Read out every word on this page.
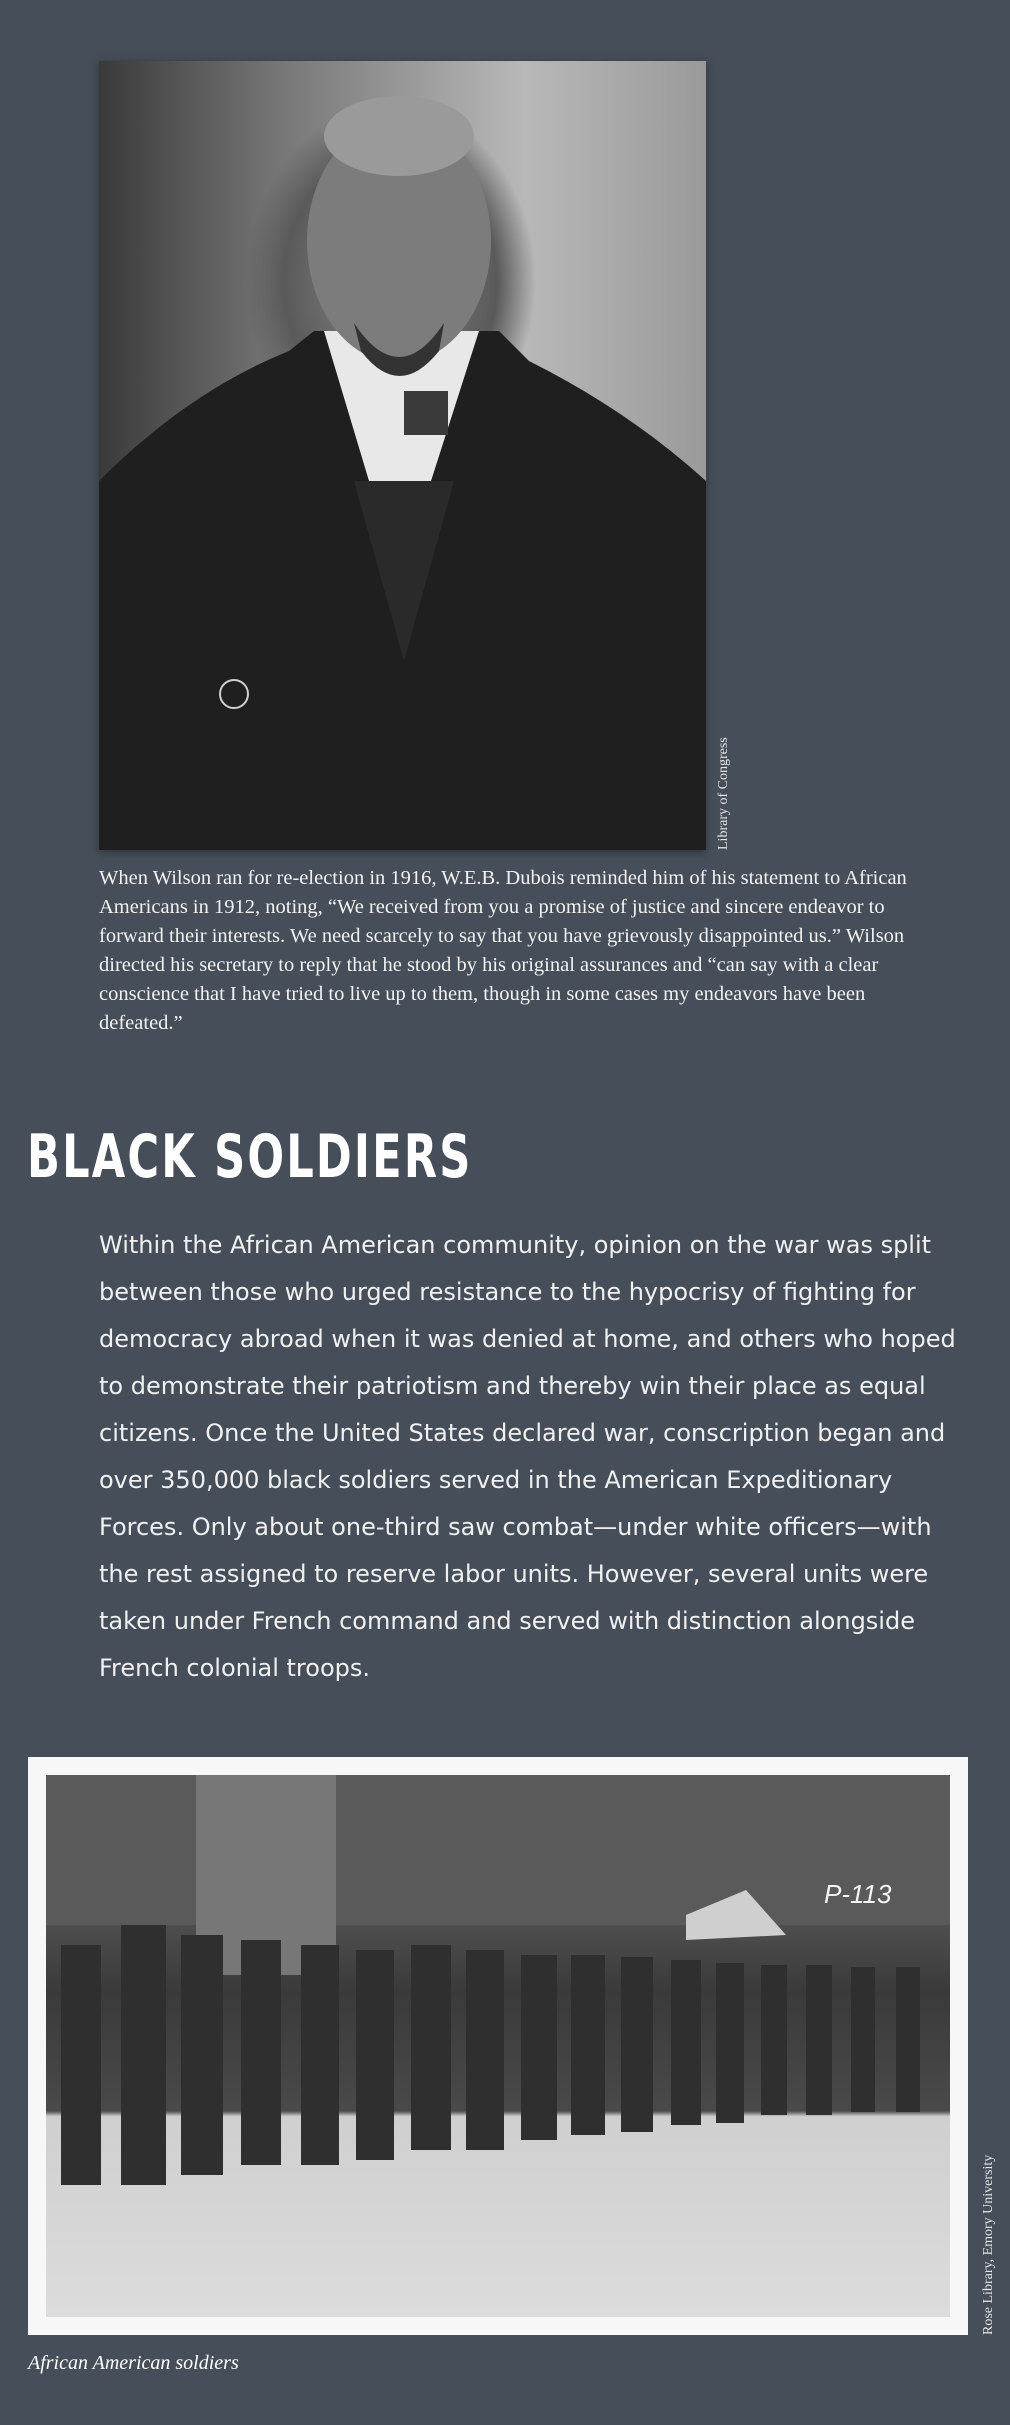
Library of Congress

When Wilson ran for re-election in 1916, W.E.B. Dubois reminded him of his statement to African Americans in 1912, noting, “We received from you a promise of justice and sincere endeavor to forward their interests. We need scarcely to say that you have grievously disappointed us.” Wilson directed his secretary to reply that he stood by his original assurances and “can say with a clear conscience that I have tried to live up to them, though in some cases my endeavors have been defeated.”

BLACK SOLDIERS

Within the African American community, opinion on the war was split between those who urged resistance to the hypocrisy of fighting for democracy abroad when it was denied at home, and others who hoped to demonstrate their patriotism and thereby win their place as equal citizens. Once the United States declared war, conscription began and over 350,000 black soldiers served in the American Expeditionary Forces. Only about one-third saw combat—under white officers—with the rest assigned to reserve labor units. However, several units were taken under French command and served with distinction alongside French colonial troops.

P-113
Rose Library, Emory University

African American soldiers
